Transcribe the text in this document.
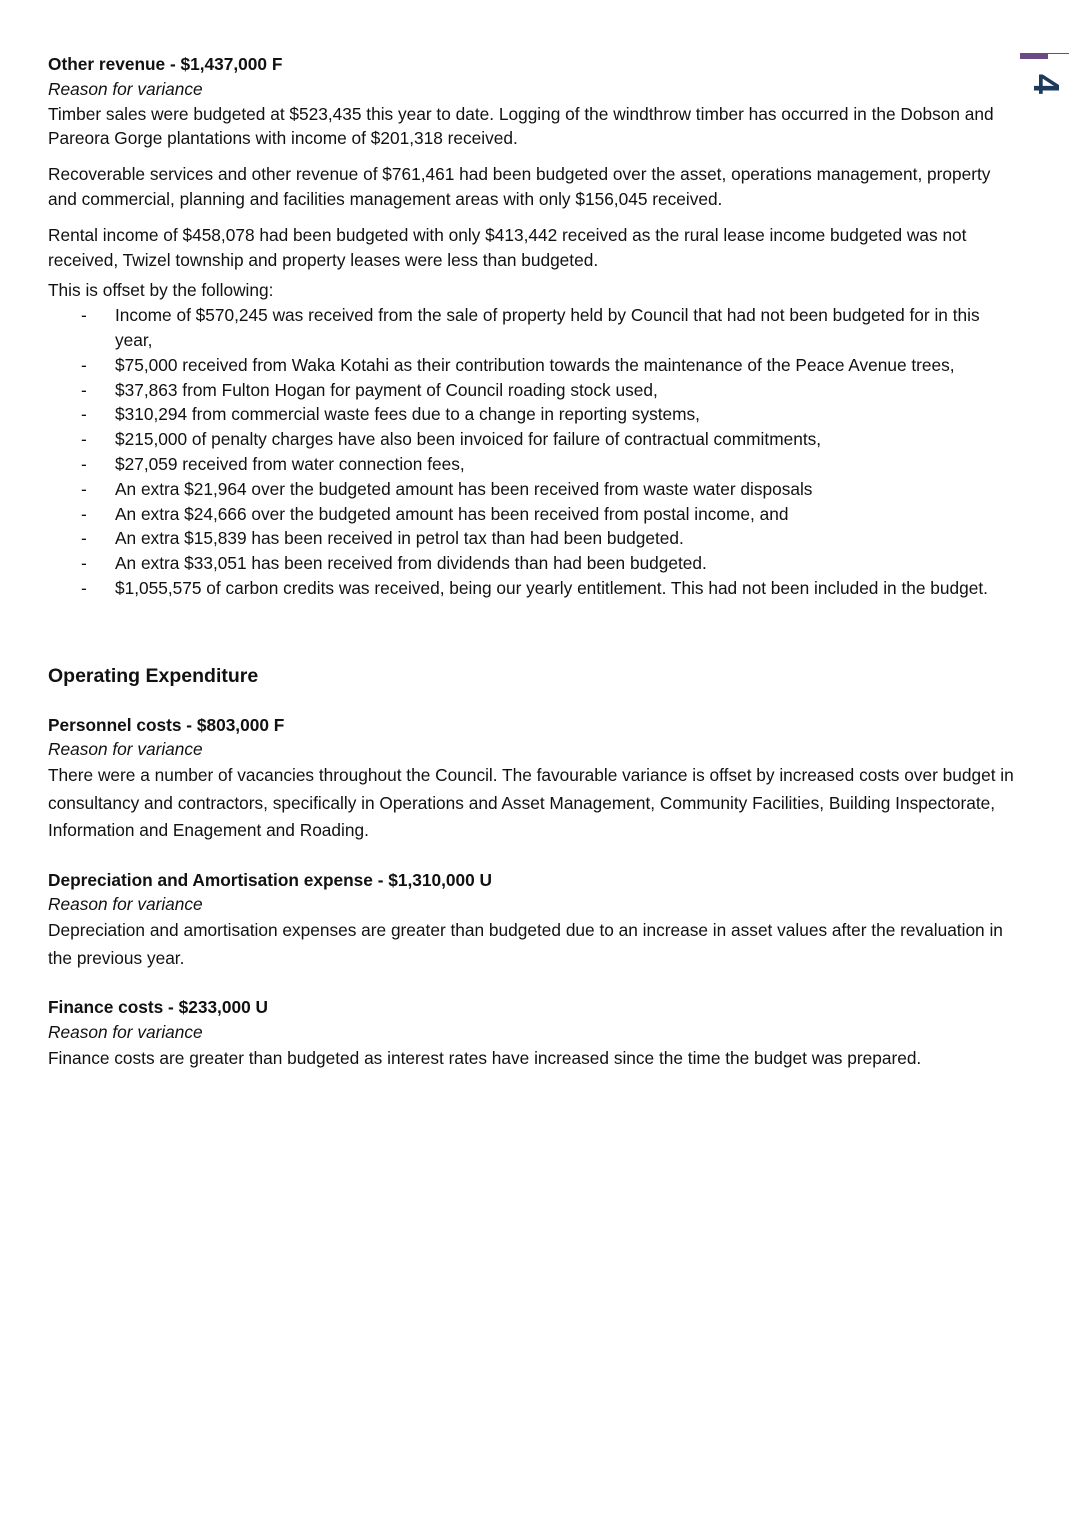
4

Other revenue - $1,437,000 F

Reason for variance

Timber sales were budgeted at $523,435 this year to date. Logging of the windthrow timber has occurred in the Dobson and Pareora Gorge plantations with income of $201,318 received.

Recoverable services and other revenue of $761,461 had been budgeted over the asset, operations management, property and commercial, planning and facilities management areas with only $156,045 received.

Rental income of $458,078 had been budgeted with only $413,442 received as the rural lease income budgeted was not received, Twizel township and property leases were less than budgeted.

This is offset by the following:

- Income of $570,245 was received from the sale of property held by Council that had not been budgeted for in this year,
- $75,000 received from Waka Kotahi as their contribution towards the maintenance of the Peace Avenue trees,
- $37,863 from Fulton Hogan for payment of Council roading stock used,
- $310,294 from commercial waste fees due to a change in reporting systems,
- $215,000 of penalty charges have also been invoiced for failure of contractual commitments,
- $27,059 received from water connection fees,
- An extra $21,964 over the budgeted amount has been received from waste water disposals
- An extra $24,666 over the budgeted amount has been received from postal income, and
- An extra $15,839 has been received in petrol tax than had been budgeted.
- An extra $33,051 has been received from dividends than had been budgeted.
- $1,055,575 of carbon credits was received, being our yearly entitlement. This had not been included in the budget.

Operating Expenditure

Personnel costs - $803,000 F

Reason for variance

There were a number of vacancies throughout the Council. The favourable variance is offset by increased costs over budget in consultancy and contractors, specifically in Operations and Asset Management, Community Facilities, Building Inspectorate, Information and Enagement and Roading.

Depreciation and Amortisation expense - $1,310,000 U

Reason for variance

Depreciation and amortisation expenses are greater than budgeted due to an increase in asset values after the revaluation in the previous year.

Finance costs - $233,000 U

Reason for variance

Finance costs are greater than budgeted as interest rates have increased since the time the budget was prepared.
